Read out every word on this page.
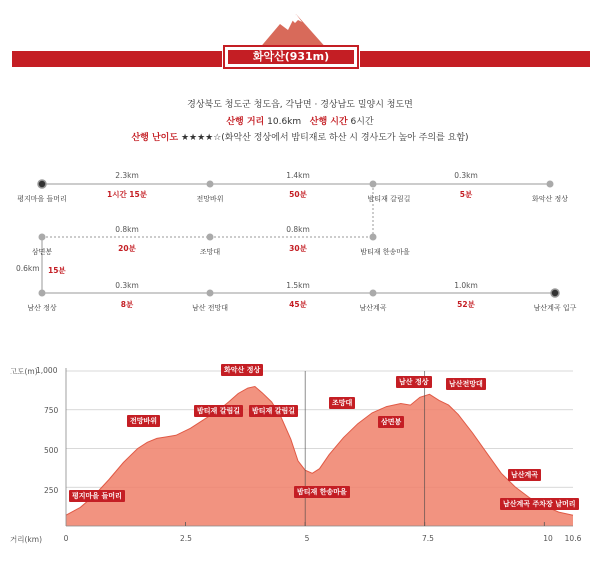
화악산(931m)
경상북도 청도군 청도읍, 각남면 · 경상남도 밀양시 청도면
산행 거리 10.6km 산행 시간 6시간
산행 난이도 ★★★★☆(화악산 정상에서 밤티재로 하산 시 경사도가 높아 주의를 요함)
2.3km
1시간 15분
1.4km
50분
0.3km
5분
평지마을 들머리	전망바위	밤티재 갈림길	화악산 정상
0.8km
20분
0.8km
30분
삼면봉	조망대	밤티재 한송마을
0.6km 15분
0.3km
8분
1.5km
45분
1.0km
52분
남산 정상	남산 전망대	남산계곡	남산계곡 입구
고도(m)
거리(km)
1,000
750
500
250
0	2.5	5	7.5	10 10.6
평지마을 들머리
전망바위
밤티재 갈림길
화악산 정상
밤티재 갈림길
밤티재 한송마을
조망대
삼면봉
남산 정상	남산전망대
남산계곡
남산계곡 주차장 날머리
